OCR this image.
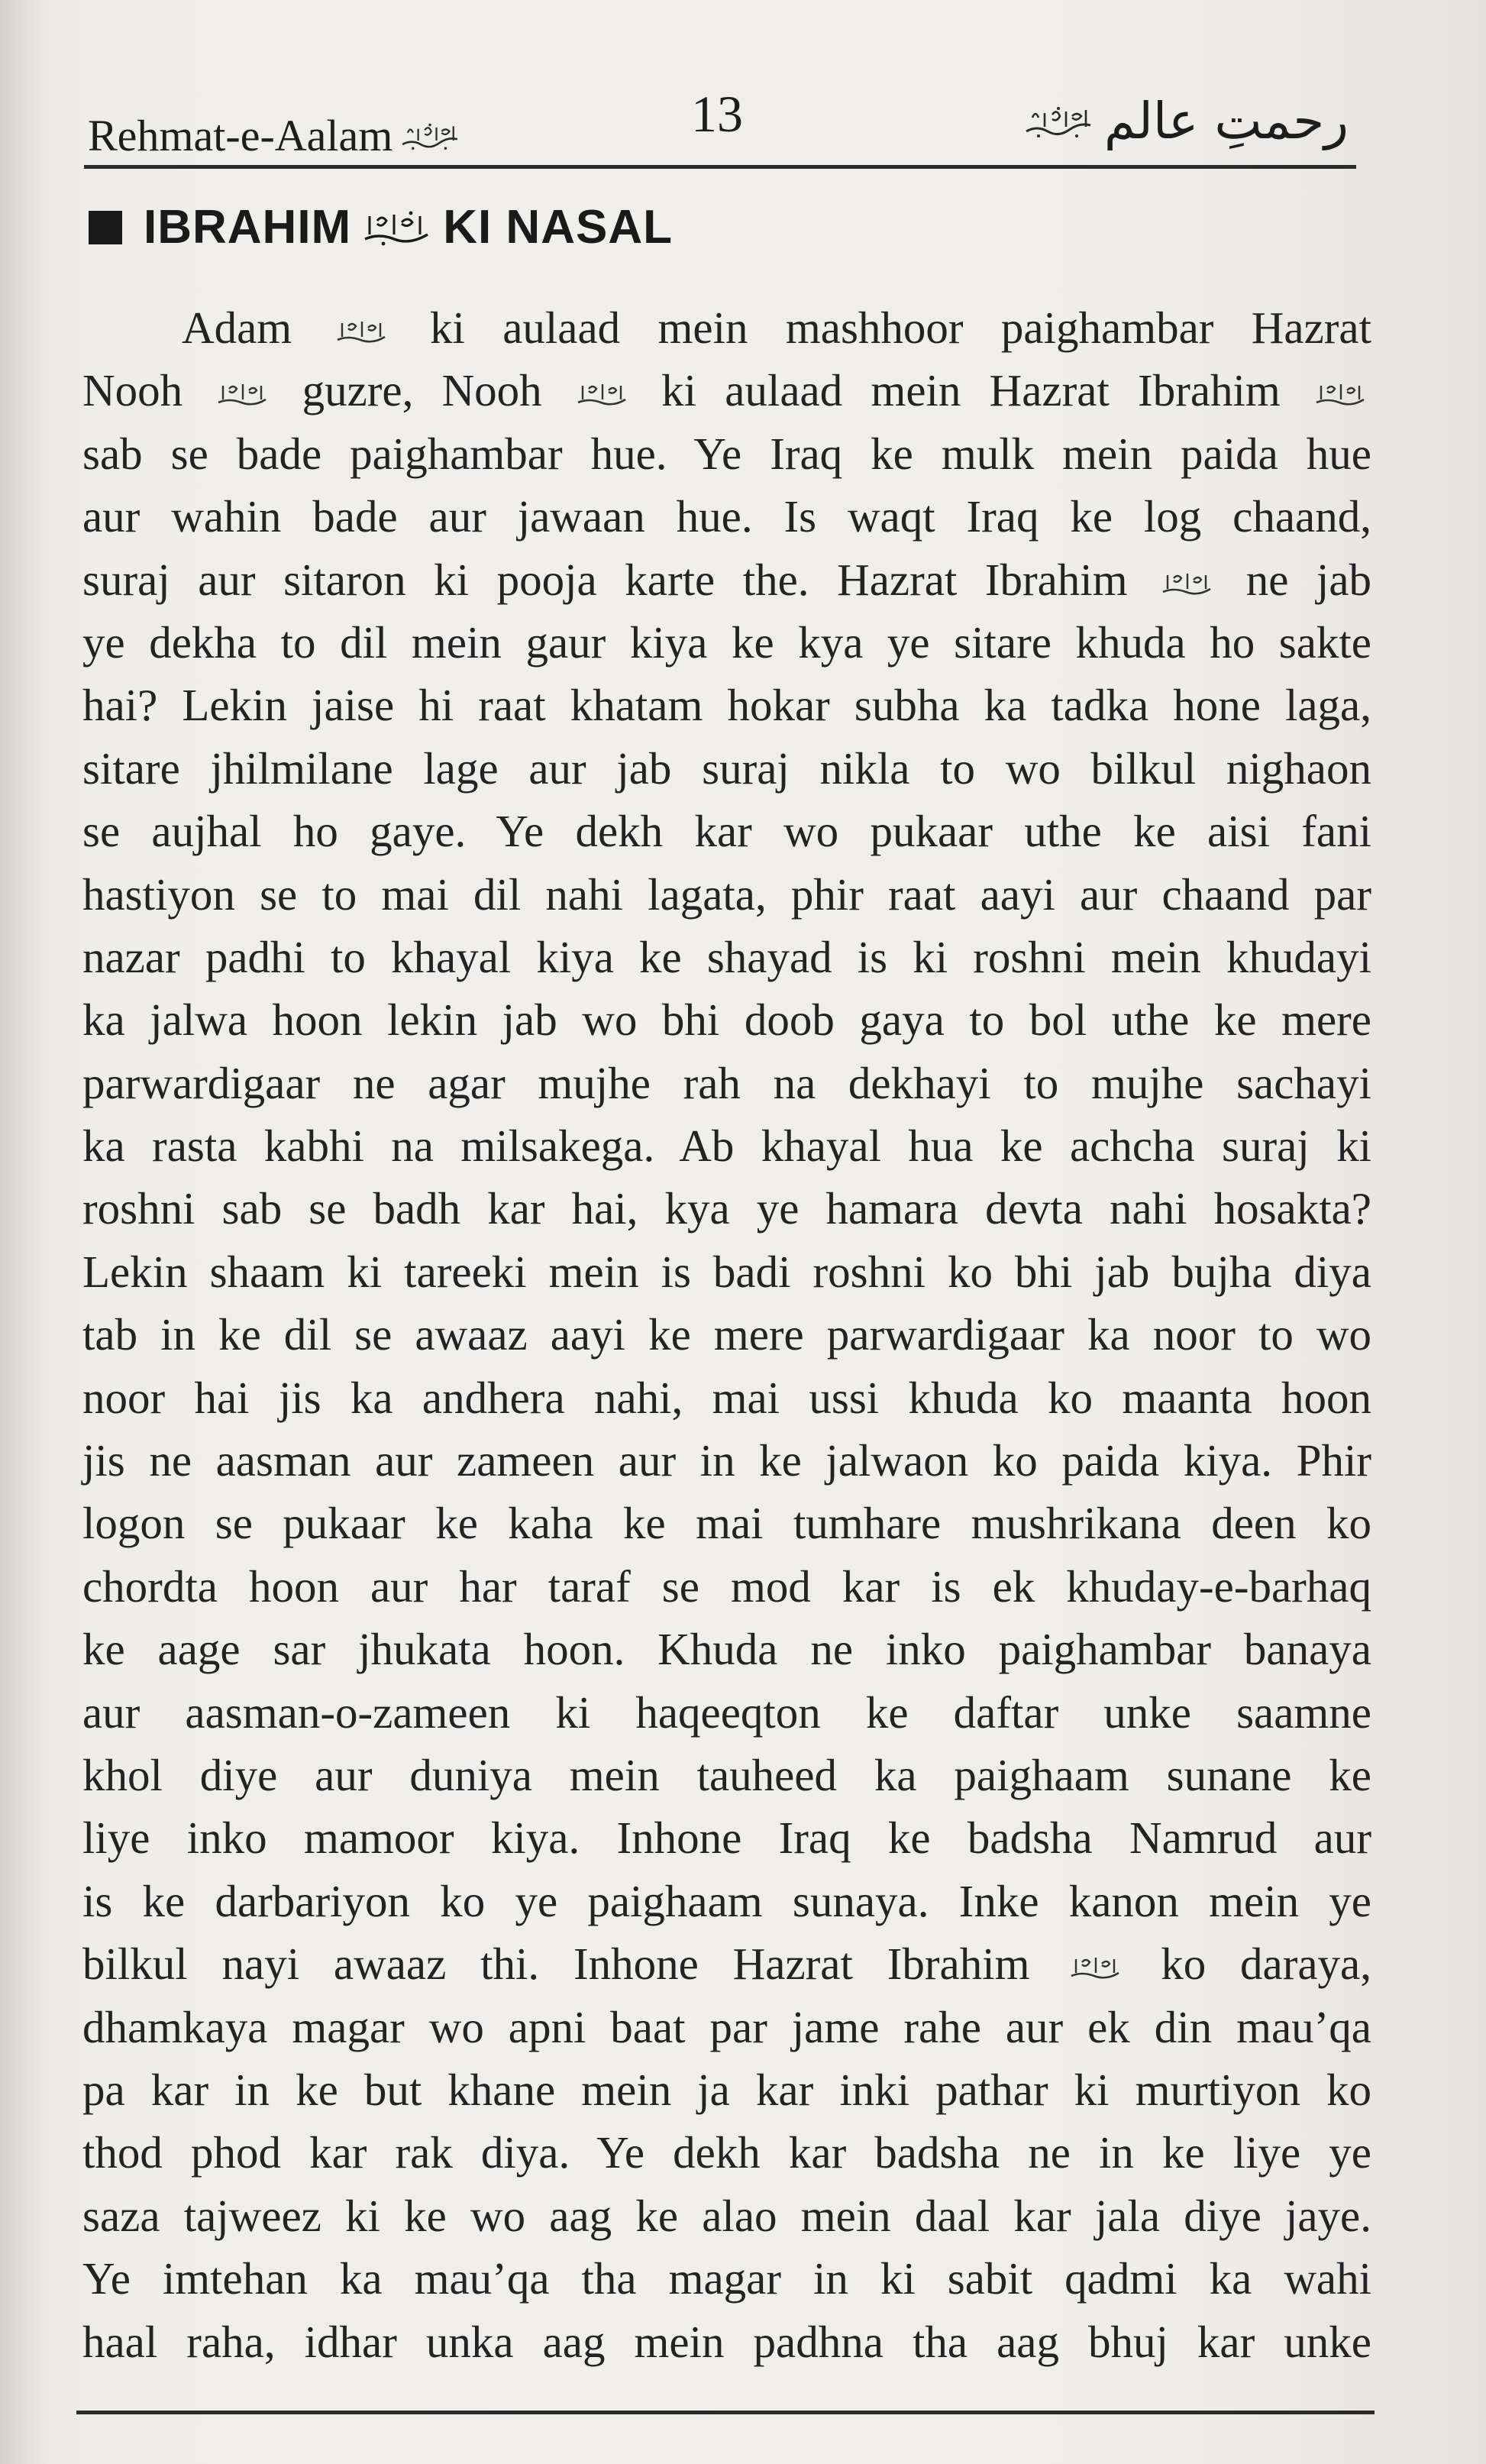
Rehmat-e-Aalam	13	رحمتِ عالم
IBRAHIM KI NASAL
Adam	ki aulaad mein mashhoor paighambar Hazrat
Nooh	guzre, Nooh	ki aulaad mein Hazrat Ibrahim
sab se bade paighambar hue. Ye Iraq ke mulk mein paida hue
aur wahin bade aur jawaan hue. Is waqt Iraq ke log chaand,
suraj aur sitaron ki pooja karte the. Hazrat Ibrahim	ne jab
ye dekha to dil mein gaur kiya ke kya ye sitare khuda ho sakte
hai? Lekin jaise hi raat khatam hokar subha ka tadka hone laga,
sitare jhilmilane lage aur jab suraj nikla to wo bilkul nighaon
se aujhal ho gaye. Ye dekh kar wo pukaar uthe ke aisi fani
hastiyon se to mai dil nahi lagata, phir raat aayi aur chaand par
nazar padhi to khayal kiya ke shayad is ki roshni mein khudayi
ka jalwa hoon lekin jab wo bhi doob gaya to bol uthe ke mere
parwardigaar ne agar mujhe rah na dekhayi to mujhe sachayi
ka rasta kabhi na milsakega. Ab khayal hua ke achcha suraj ki
roshni sab se badh kar hai, kya ye hamara devta nahi hosakta?
Lekin shaam ki tareeki mein is badi roshni ko bhi jab bujha diya
tab in ke dil se awaaz aayi ke mere parwardigaar ka noor to wo
noor hai jis ka andhera nahi, mai ussi khuda ko maanta hoon
jis ne aasman aur zameen aur in ke jalwaon ko paida kiya. Phir
logon se pukaar ke kaha ke mai tumhare mushrikana deen ko
chordta hoon aur har taraf se mod kar is ek khuday-e-barhaq
ke aage sar jhukata hoon. Khuda ne inko paighambar banaya
aur aasman-o-zameen ki haqeeqton ke daftar unke saamne
khol diye aur duniya mein tauheed ka paighaam sunane ke
liye inko mamoor kiya. Inhone Iraq ke badsha Namrud aur
is ke darbariyon ko ye paighaam sunaya. Inke kanon mein ye
bilkul nayi awaaz thi. Inhone Hazrat Ibrahim	ko daraya,
dhamkaya magar wo apni baat par jame rahe aur ek din mau’qa
pa kar in ke but khane mein ja kar inki pathar ki murtiyon ko
thod phod kar rak diya. Ye dekh kar badsha ne in ke liye ye
saza tajweez ki ke wo aag ke alao mein daal kar jala diye jaye.
Ye imtehan ka mau’qa tha magar in ki sabit qadmi ka wahi
haal raha, idhar unka aag mein padhna tha aag bhuj kar unke
